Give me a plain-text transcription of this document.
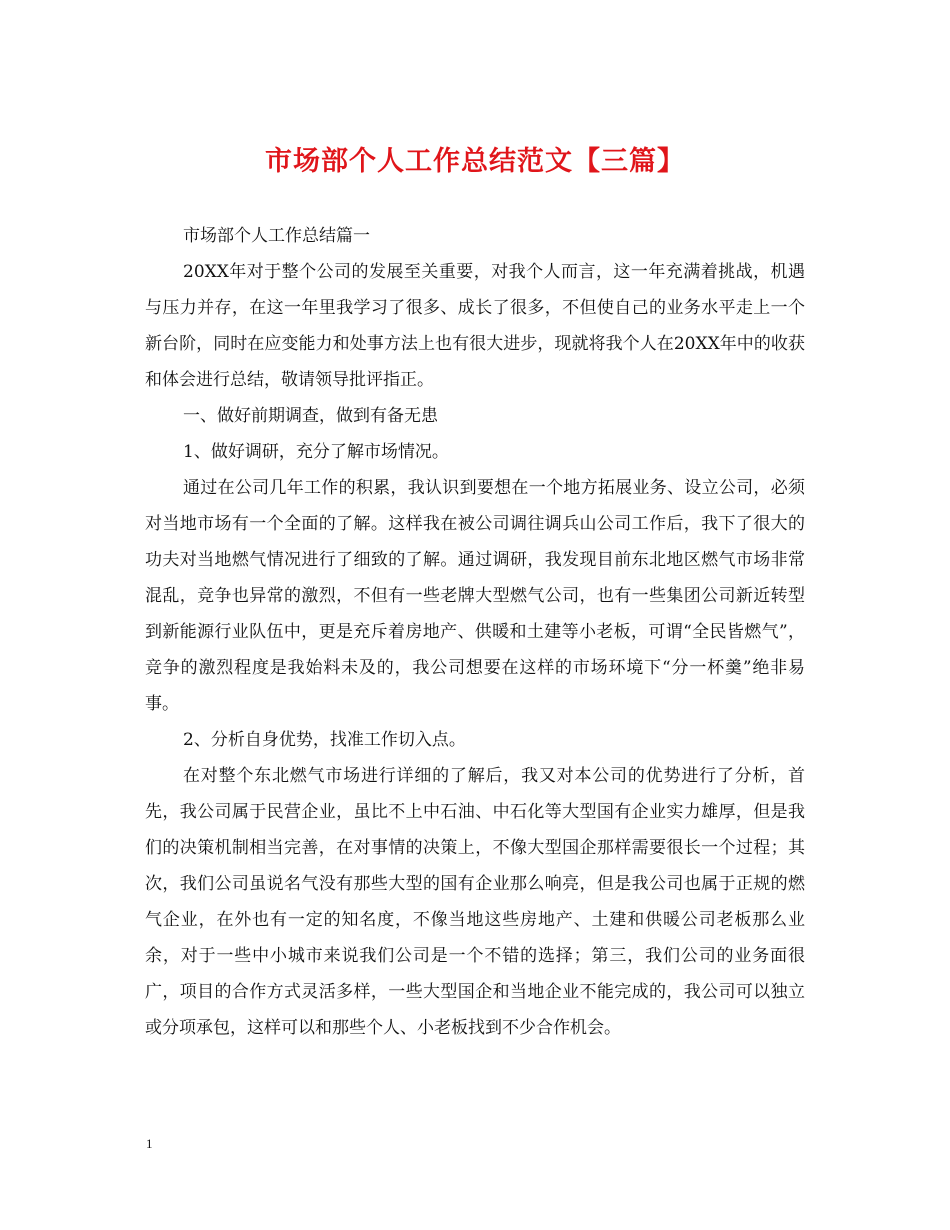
市场部个人工作总结范文【三篇】

市场部个人工作总结篇一

20XX年对于整个公司的发展至关重要，对我个人而言，这一年充满着挑战，机遇与压力并存，在这一年里我学习了很多、成长了很多，不但使自己的业务水平走上一个新台阶，同时在应变能力和处事方法上也有很大进步，现就将我个人在20XX年中的收获和体会进行总结，敬请领导批评指正。

一、做好前期调查，做到有备无患

1、做好调研，充分了解市场情况。

通过在公司几年工作的积累，我认识到要想在一个地方拓展业务、设立公司，必须对当地市场有一个全面的了解。这样我在被公司调往调兵山公司工作后，我下了很大的功夫对当地燃气情况进行了细致的了解。通过调研，我发现目前东北地区燃气市场非常混乱，竞争也异常的激烈，不但有一些老牌大型燃气公司，也有一些集团公司新近转型到新能源行业队伍中，更是充斥着房地产、供暖和土建等小老板，可谓“全民皆燃气”，竞争的激烈程度是我始料未及的，我公司想要在这样的市场环境下“分一杯羹”绝非易事。

2、分析自身优势，找准工作切入点。

在对整个东北燃气市场进行详细的了解后，我又对本公司的优势进行了分析，首先，我公司属于民营企业，虽比不上中石油、中石化等大型国有企业实力雄厚，但是我们的决策机制相当完善，在对事情的决策上，不像大型国企那样需要很长一个过程；其次，我们公司虽说名气没有那些大型的国有企业那么响亮，但是我公司也属于正规的燃气企业，在外也有一定的知名度，不像当地这些房地产、土建和供暖公司老板那么业余，对于一些中小城市来说我们公司是一个不错的选择；第三，我们公司的业务面很广，项目的合作方式灵活多样，一些大型国企和当地企业不能完成的，我公司可以独立或分项承包，这样可以和那些个人、小老板找到不少合作机会。

1
